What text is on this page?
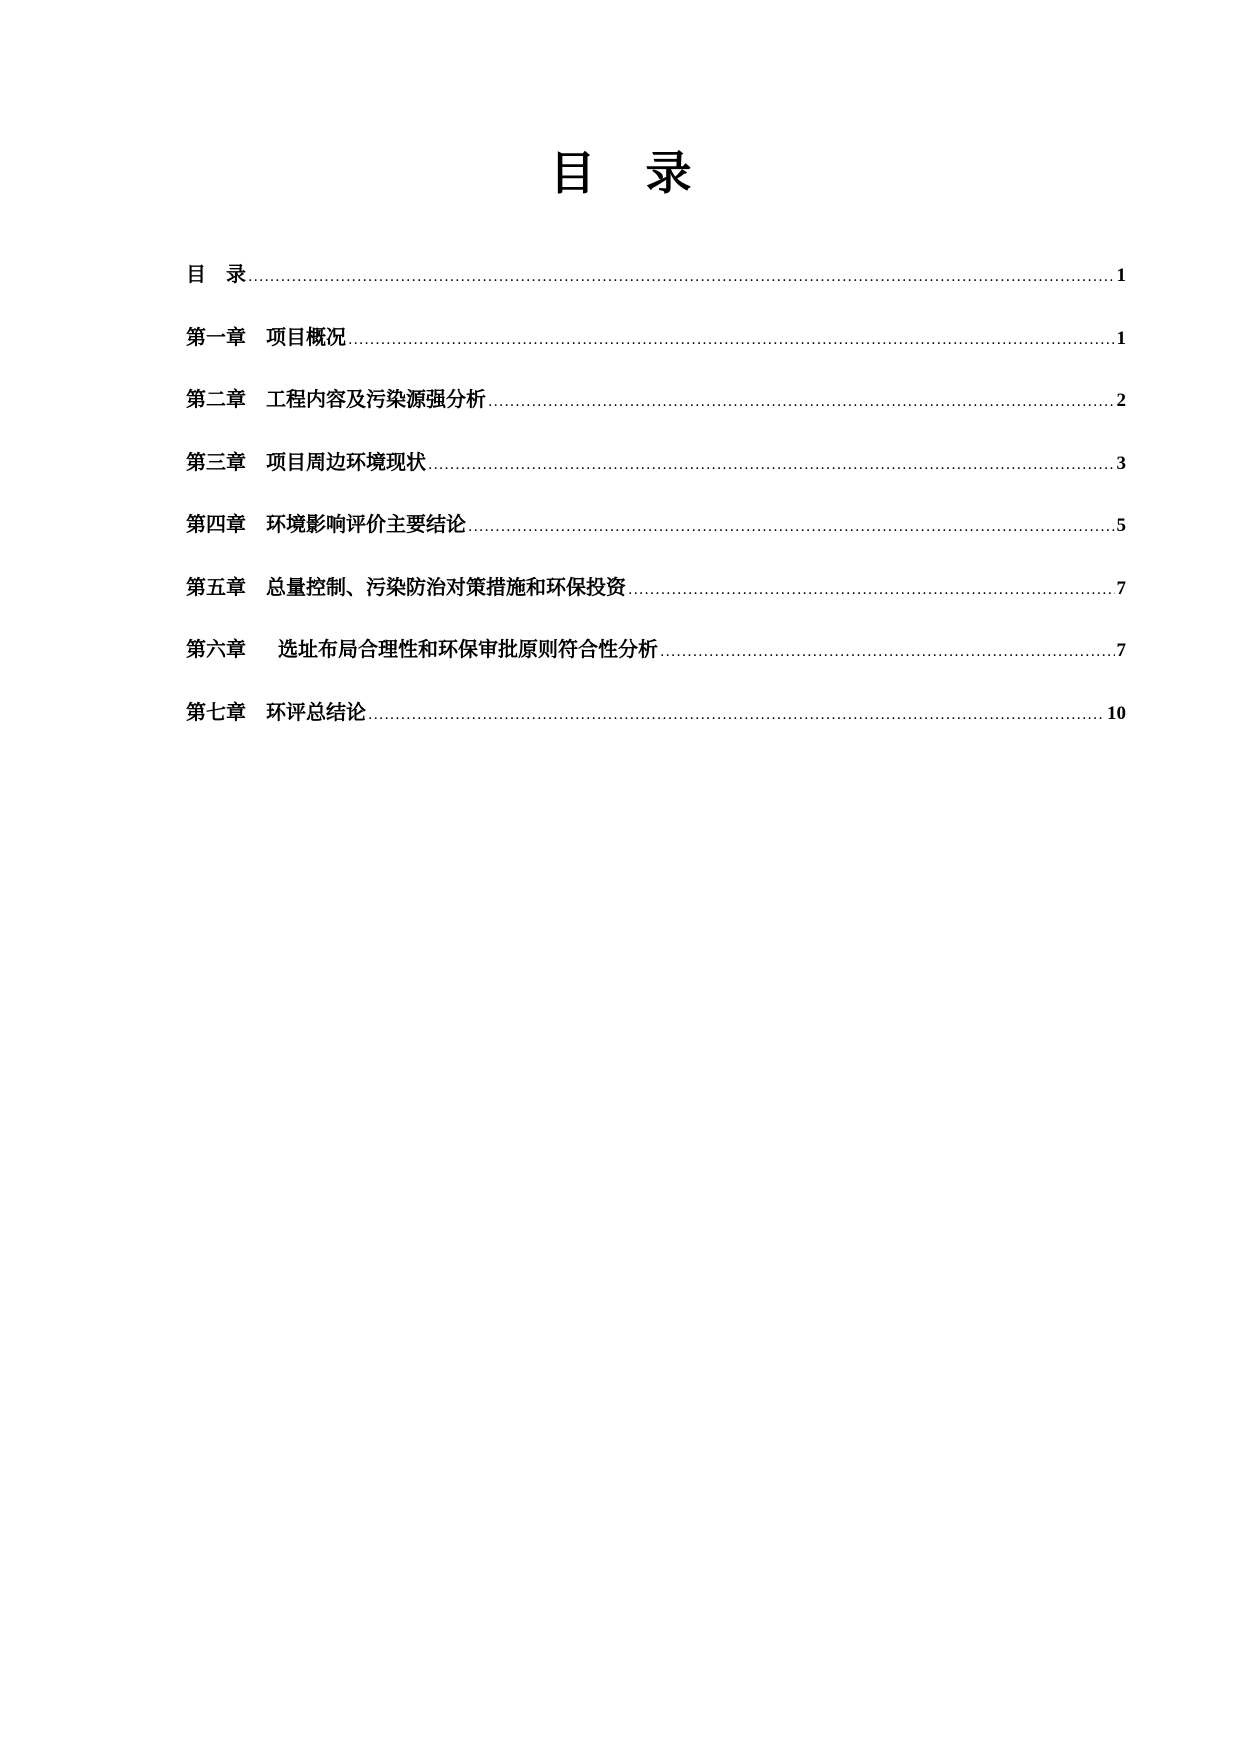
目 录
目 录 .....	1
第一章 项目概况 .....	1
第二章 工程内容及污染源强分析 .....	2
第三章 项目周边环境现状 .....	3
第四章 环境影响评价主要结论 .....	5
第五章 总量控制、污染防治对策措施和环保投资 .....	7
第六章 选址布局合理性和环保审批原则符合性分析 .....	7
第七章 环评总结论 .....	10
